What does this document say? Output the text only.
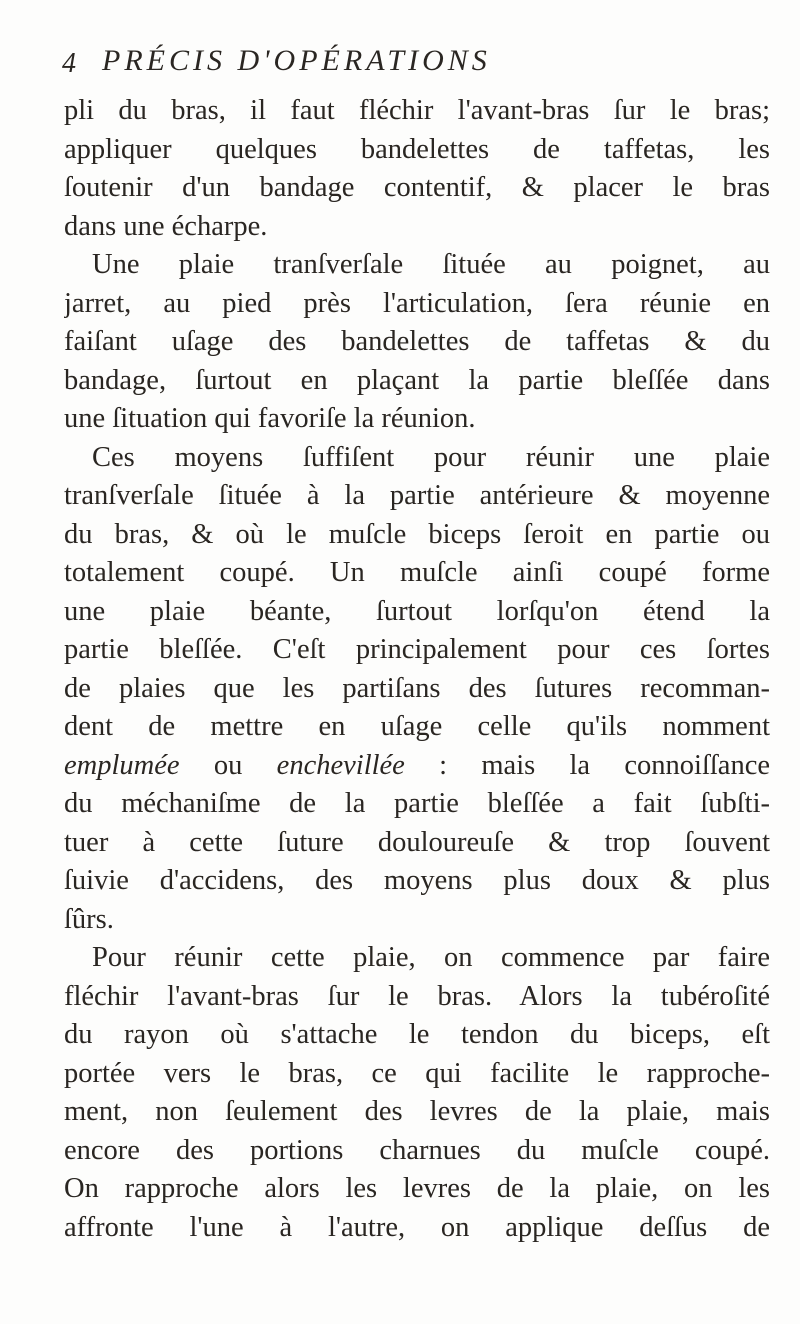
4 PRÉCIS D'OPÉRATIONS
pli du bras, il faut fléchir l'avant-bras ſur le bras;
appliquer quelques bandelettes de taffetas, les
ſoutenir d'un bandage contentif, & placer le bras
dans une écharpe.
Une plaie tranſverſale ſituée au poignet, au
jarret, au pied près l'articulation, ſera réunie en
faiſant uſage des bandelettes de taffetas & du
bandage, ſurtout en plaçant la partie bleſſée dans
une ſituation qui favoriſe la réunion.
Ces moyens ſuffiſent pour réunir une plaie
tranſverſale ſituée à la partie antérieure & moyenne
du bras, & où le muſcle biceps ſeroit en partie ou
totalement coupé. Un muſcle ainſi coupé forme
une plaie béante, ſurtout lorſqu'on étend la
partie bleſſée. C'eſt principalement pour ces ſortes
de plaies que les partiſans des ſutures recomman-
dent de mettre en uſage celle qu'ils nomment
emplumée ou enchevillée : mais la connoiſſance
du méchaniſme de la partie bleſſée a fait ſubſti-
tuer à cette ſuture douloureuſe & trop ſouvent
ſuivie d'accidens, des moyens plus doux & plus
ſûrs.
Pour réunir cette plaie, on commence par faire
fléchir l'avant-bras ſur le bras. Alors la tubéroſité
du rayon où s'attache le tendon du biceps, eſt
portée vers le bras, ce qui facilite le rapproche-
ment, non ſeulement des levres de la plaie, mais
encore des portions charnues du muſcle coupé.
On rapproche alors les levres de la plaie, on les
affronte l'une à l'autre, on applique deſſus de
